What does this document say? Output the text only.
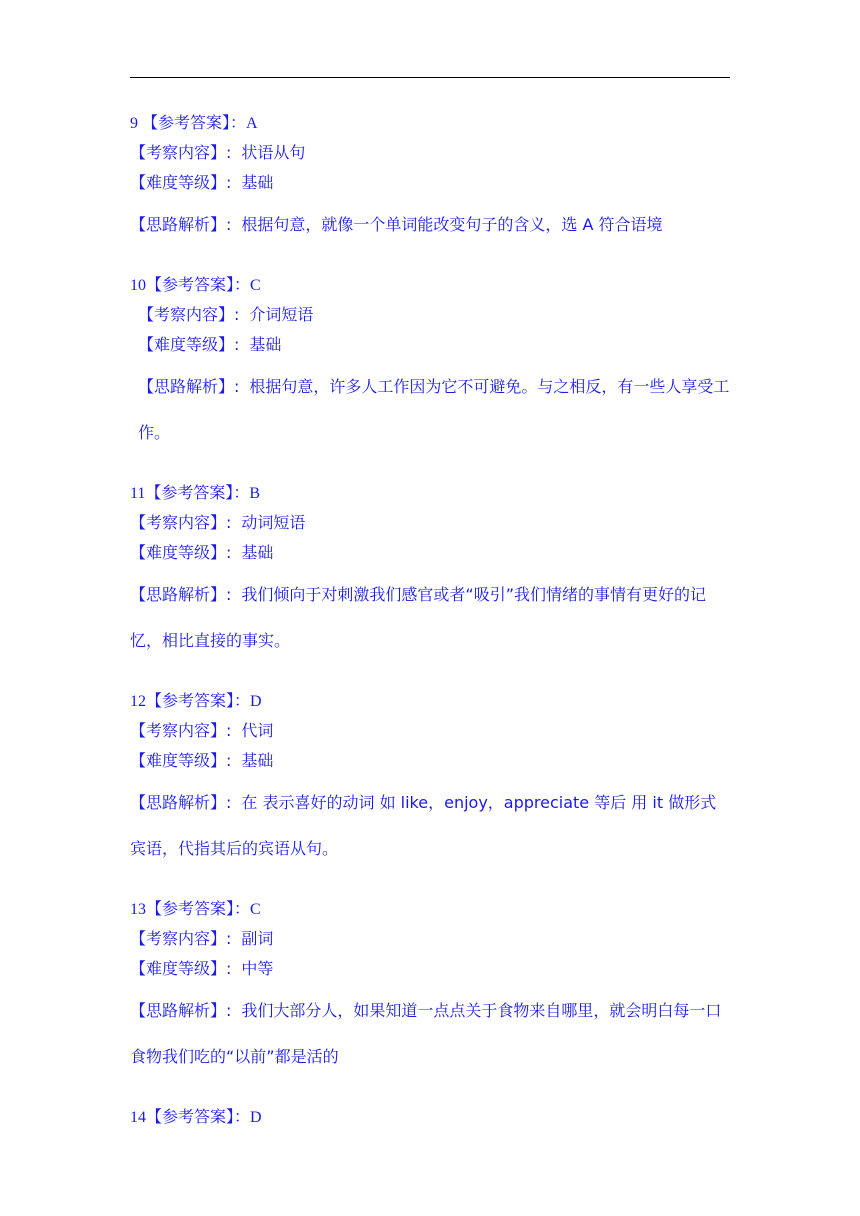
9 【参考答案】：A
【考察内容】: 状语从句
【难度等级】: 基础
【思路解析】: 根据句意，就像一个单词能改变句子的含义，选 A 符合语境
10【参考答案】：C
【考察内容】: 介词短语
【难度等级】: 基础
【思路解析】: 根据句意，许多人工作因为它不可避免。与之相反，有一些人享受工作。
11【参考答案】：B
【考察内容】: 动词短语
【难度等级】: 基础
【思路解析】: 我们倾向于对刺激我们感官或者“吸引”我们情绪的事情有更好的记忆，相比直接的事实。
12【参考答案】：D
【考察内容】: 代词
【难度等级】: 基础
【思路解析】: 在 表示喜好的动词 如 like，enjoy，appreciate 等后 用 it 做形式宾语，代指其后的宾语从句。
13【参考答案】：C
【考察内容】: 副词
【难度等级】: 中等
【思路解析】: 我们大部分人，如果知道一点点关于食物来自哪里，就会明白每一口食物我们吃的“以前”都是活的
14【参考答案】：D
